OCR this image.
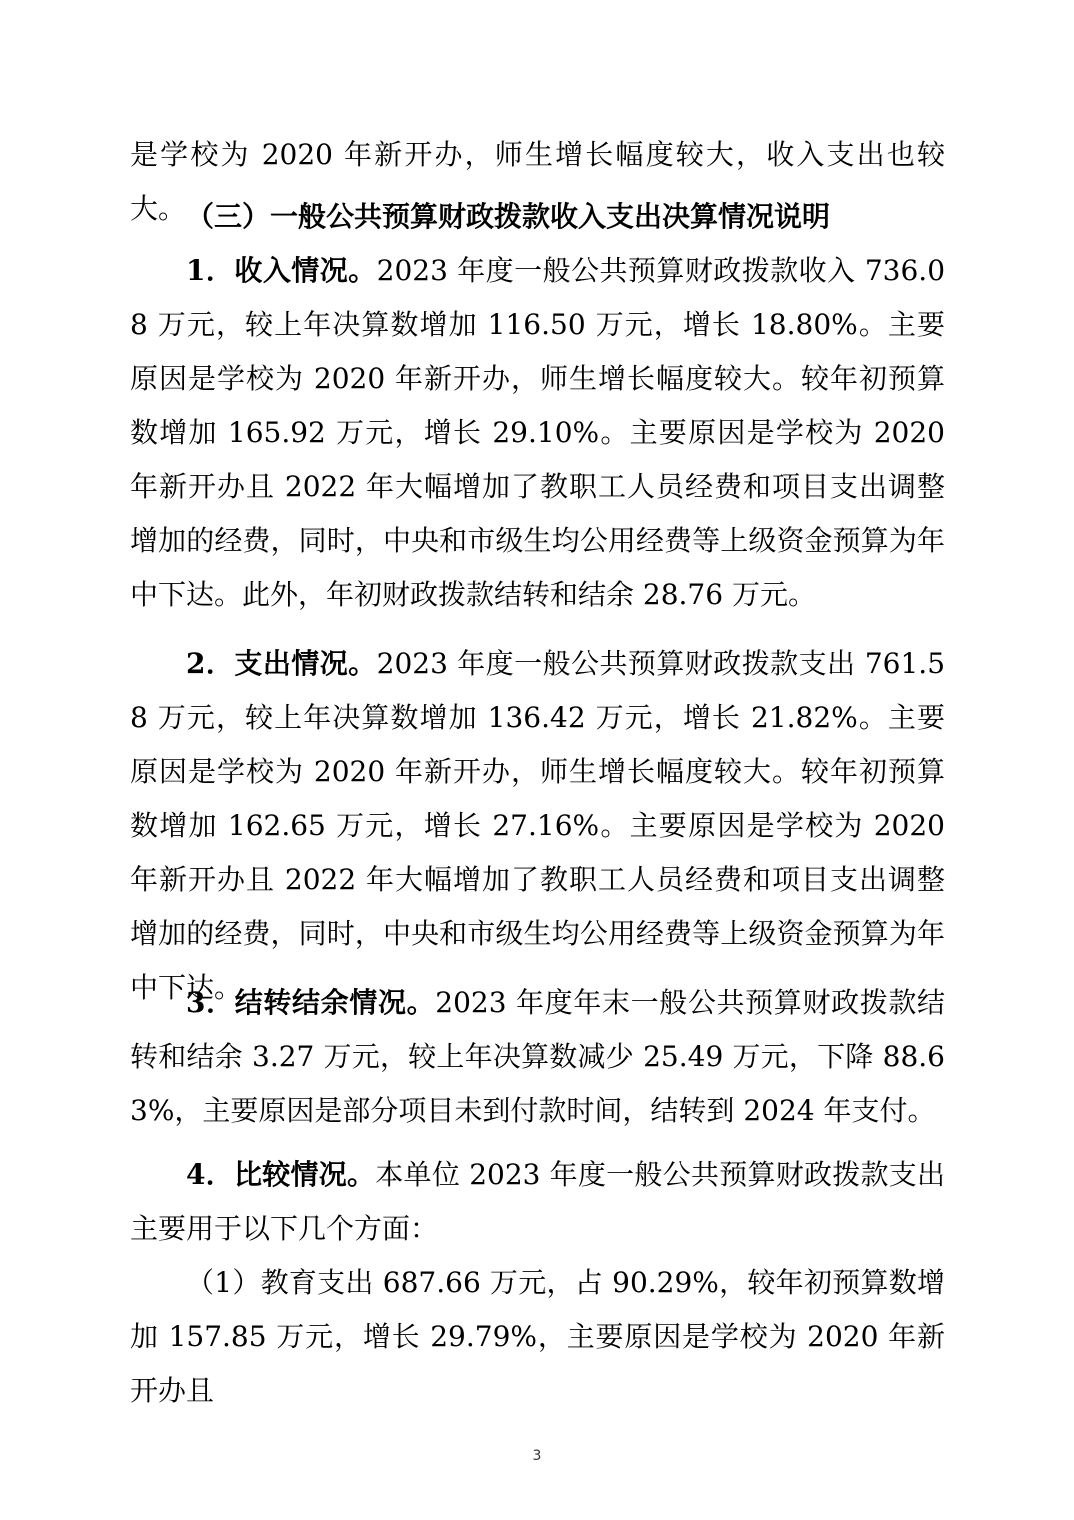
是学校为 2020 年新开办，师生增长幅度较大，收入支出也较大。 （三）一般公共预算财政拨款收入支出决算情况说明
1．收入情况。2023 年度一般公共预算财政拨款收入 736.08 万元，较上年决算数增加 116.50 万元，增长 18.80%。主要原因是学校为 2020 年新开办，师生增长幅度较大。较年初预算数增加 165.92 万元，增长 29.10%。主要原因是学校为 2020 年新开办且 2022 年大幅增加了教职工人员经费和项目支出调整增加的经费，同时，中央和市级生均公用经费等上级资金预算为年中下达。此外，年初财政拨款结转和结余 28.76 万元。
2．支出情况。2023 年度一般公共预算财政拨款支出 761.58 万元，较上年决算数增加 136.42 万元，增长 21.82%。主要原因是学校为 2020 年新开办，师生增长幅度较大。较年初预算数增加 162.65 万元，增长 27.16%。主要原因是学校为 2020 年新开办且 2022 年大幅增加了教职工人员经费和项目支出调整增加的经费，同时，中央和市级生均公用经费等上级资金预算为年中下达。
3．结转结余情况。2023 年度年末一般公共预算财政拨款结转和结余 3.27 万元，较上年决算数减少 25.49 万元，下降 88.63%，主要原因是部分项目未到付款时间，结转到 2024 年支付。
4．比较情况。本单位 2023 年度一般公共预算财政拨款支出主要用于以下几个方面：
（1）教育支出 687.66 万元，占 90.29%，较年初预算数增加 157.85 万元，增长 29.79%，主要原因是学校为 2020 年新开办且
3
